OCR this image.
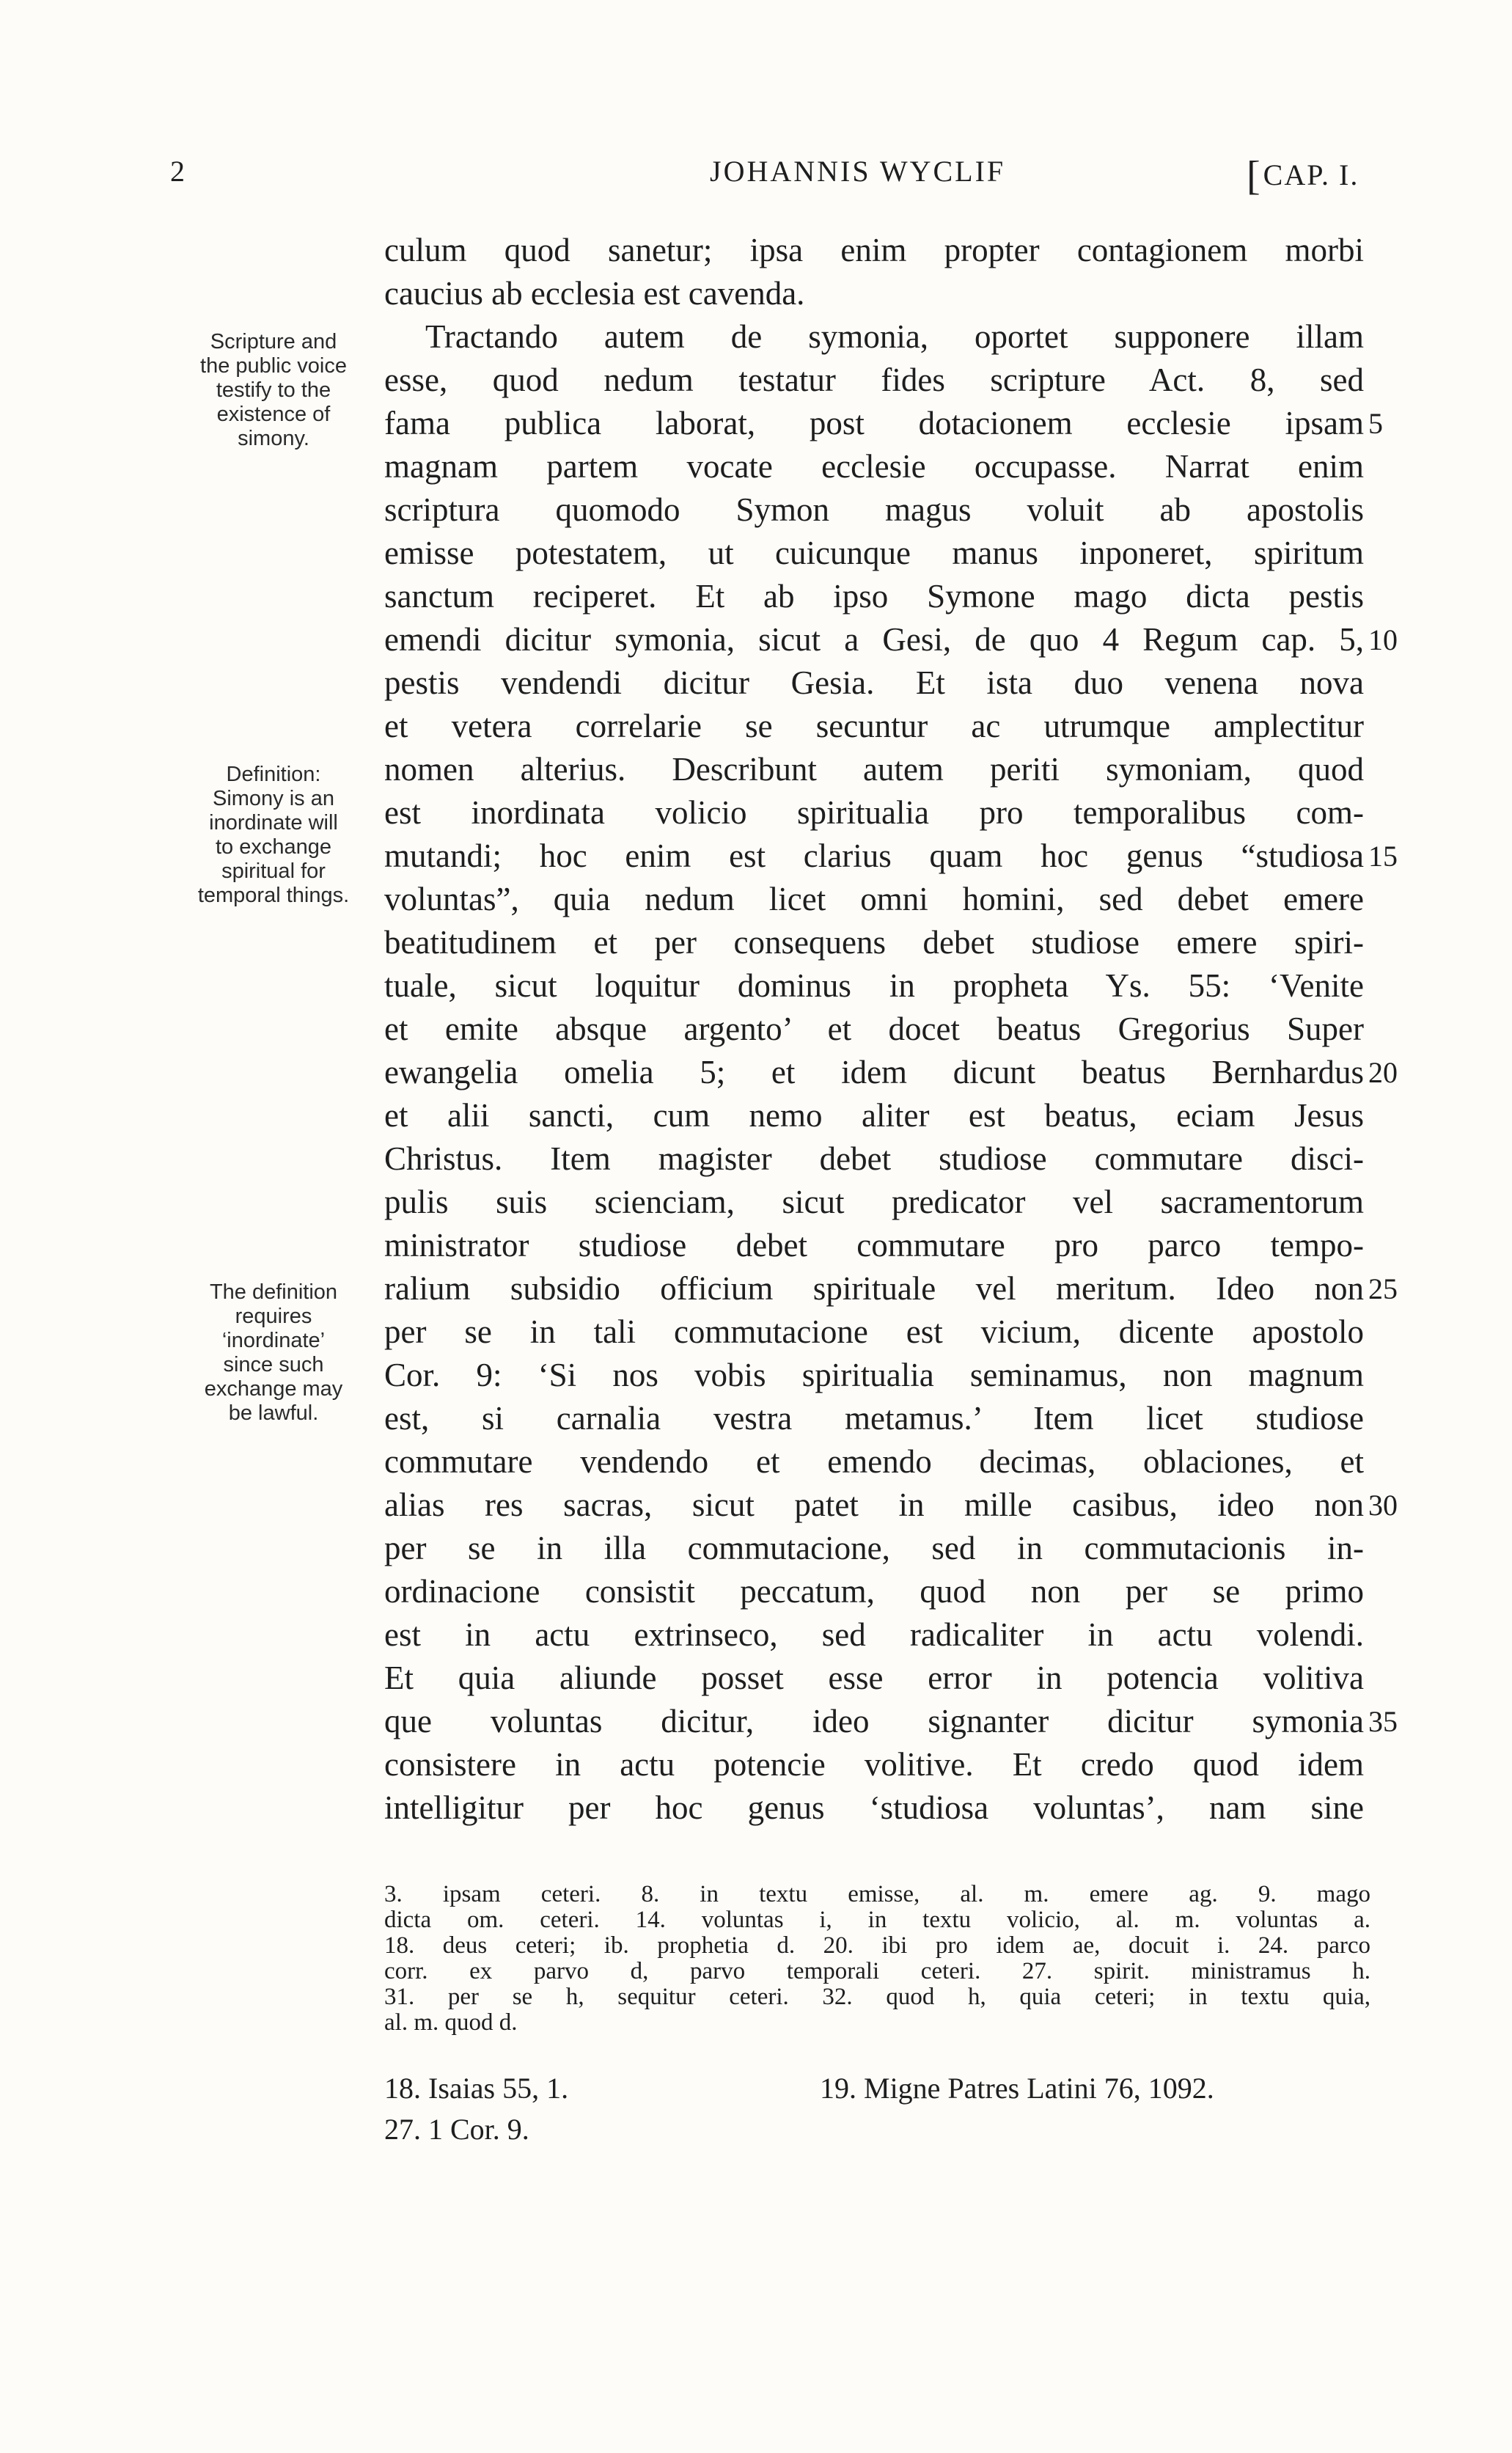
2	JOHANNIS WYCLIF	[CAP. I.
Scripture and
the public voice
testify to the
existence of
simony.
Definition:
Simony is an
inordinate will
to exchange
spiritual for
temporal things.
The definition
requires
‘inordinate’
since such
exchange may
be lawful.
culum quod sanetur; ipsa enim propter contagionem morbi
caucius ab ecclesia est cavenda.
Tractando autem de symonia, oportet supponere illam
esse, quod nedum testatur fides scripture Act. 8, sed
fama publica laborat, post dotacionem ecclesie ipsam
magnam partem vocate ecclesie occupasse. Narrat enim
scriptura quomodo Symon magus voluit ab apostolis
emisse potestatem, ut cuicunque manus inponeret, spiritum
sanctum reciperet. Et ab ipso Symone mago dicta pestis
emendi dicitur symonia, sicut a Gesi, de quo 4 Regum cap. 5,
pestis vendendi dicitur Gesia. Et ista duo venena nova
et vetera correlarie se secuntur ac utrumque amplectitur
nomen alterius. Describunt autem periti symoniam, quod
est inordinata volicio spiritualia pro temporalibus com-
mutandi; hoc enim est clarius quam hoc genus “studiosa
voluntas”, quia nedum licet omni homini, sed debet emere
beatitudinem et per consequens debet studiose emere spiri-
tuale, sicut loquitur dominus in propheta Ys. 55: ‘Venite
et emite absque argento’ et docet beatus Gregorius Super
ewangelia omelia 5; et idem dicunt beatus Bernhardus
et alii sancti, cum nemo aliter est beatus, eciam Jesus
Christus. Item magister debet studiose commutare disci-
pulis suis scienciam, sicut predicator vel sacramentorum
ministrator studiose debet commutare pro parco tempo-
ralium subsidio officium spirituale vel meritum. Ideo non
per se in tali commutacione est vicium, dicente apostolo
Cor. 9: ‘Si nos vobis spiritualia seminamus, non magnum
est, si carnalia vestra metamus.’ Item licet studiose
commutare vendendo et emendo decimas, oblaciones, et
alias res sacras, sicut patet in mille casibus, ideo non
per se in illa commutacione, sed in commutacionis in-
ordinacione consistit peccatum, quod non per se primo
est in actu extrinseco, sed radicaliter in actu volendi.
Et quia aliunde posset esse error in potencia volitiva
que voluntas dicitur, ideo signanter dicitur symonia
consistere in actu potencie volitive. Et credo quod idem
intelligitur per hoc genus ‘studiosa voluntas’, nam sine
5
10
15
20
25
30
35
3. ipsam ceteri. 8. in textu emisse, al. m. emere ag. 9. mago
dicta om. ceteri. 14. voluntas i, in textu volicio, al. m. voluntas a.
18. deus ceteri; ib. prophetia d. 20. ibi pro idem ae, docuit i. 24. parco
corr. ex parvo d, parvo temporali ceteri. 27. spirit. ministramus h.
31. per se h, sequitur ceteri. 32. quod h, quia ceteri; in textu quia,
al. m. quod d.
18. Isaias 55, 1.	19. Migne Patres Latini 76, 1092.
27. 1 Cor. 9.
